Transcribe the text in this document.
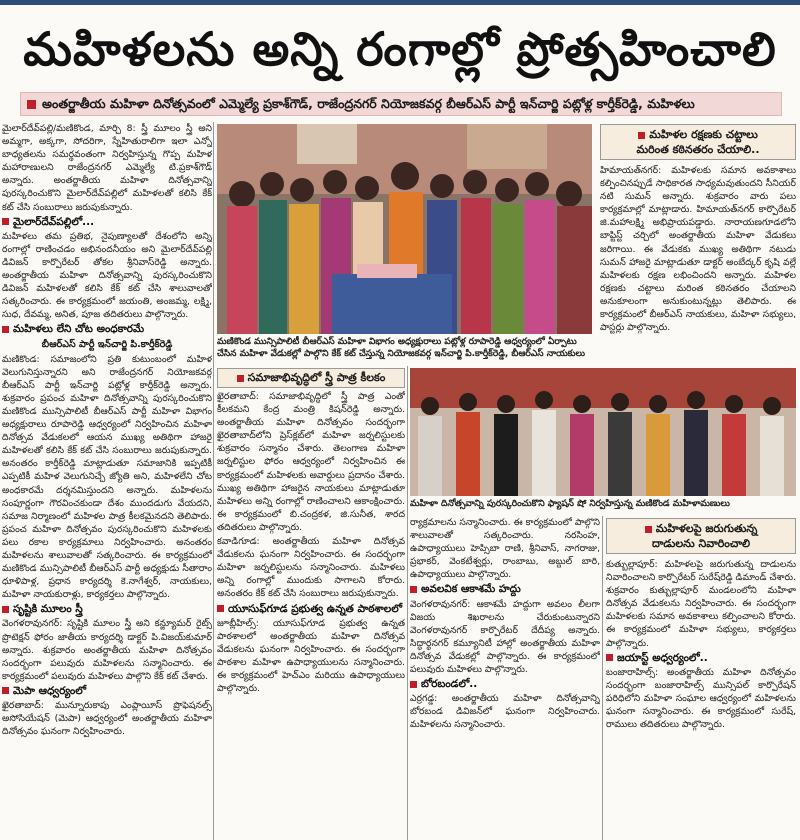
మహిళలను అన్ని రంగాల్లో ప్రోత్సహించాలి
అంతర్జాతీయ మహిళా దినోత్సవంలో ఎమ్మెల్యే ప్రకాశ్‌గౌడ్, రాజేంద్రనగర్ నియోజకవర్గ బీఆర్ఎస్ పార్టీ ఇన్‌చార్జి పట్లోళ్ల కార్తీక్‌రెడ్డి, మహిళలు

మైలార్‌దేవ్‌పల్లి/మణికొండ, మార్చి 8: స్త్రీ మూలం స్త్రీ అని అమ్మగా, అక్కగా, సోదరిగా, స్నేహితురాలిగా ఇలా ఎన్నో బాధ్యతలను సమర్థవంతంగా నిర్వహిస్తున్న గొప్ప మహిళ మహారాణులని రాజేంద్రనగర్ ఎమ్మెల్యే టి.ప్రకాశ్‌గౌడ్ అన్నారు. అంతర్జాతీయ మహిళా దినోత్సవాన్ని పురస్కరించుకొని మైలార్‌దేవ్‌పల్లిలో మహిళలతో కలిసి కేక్ కట్ చేసి సంబురాలు జరుపుకున్నారు.

మైలార్‌దేవ్‌పల్లిలో...

మహిళలు తమ ప్రతిభ, నైపుణ్యాలతో దేశంలోని అన్ని రంగాల్లో రాణించడం అభినందనీయం అని మైలార్‌దేవ్‌పల్లి డివిజన్ కార్పొరేటర్ తోకల శ్రీనివాస్‌రెడ్డి అన్నారు. అంతర్జాతీయ మహిళా దినోత్సవాన్ని పురస్కరించుకొని డివిజన్ మహిళలతో కలిసి కేక్ కట్ చేసి శాలువాలతో సత్కరించారు. ఈ కార్యక్రమంలో జయంతి, అంజమ్మ, లక్ష్మి, సుధ, దేవమ్మ, అనిత, పూజ తదితరులు పాల్గొన్నారు.

మహిళలు లేని చోట అంధకారమే
బీఆర్ఎస్ పార్టీ ఇన్‌చార్జి పి.కార్తీక్‌రెడ్డి

మణికొండ: సమాజంలోని ప్రతి కుటుంబంలో మహిళ వెలుగునిస్తున్నారని అని రాజేంద్రనగర్ నియోజకవర్గ బీఆర్ఎస్ పార్టీ ఇన్‌చార్జి పట్లోళ్ల కార్తీక్‌రెడ్డి అన్నారు. శుక్రవారం ప్రపంచ మహిళా దినోత్సవాన్ని పురస్కరించుకొని మణికొండ మున్సిపాలిటీ బీఆర్ఎస్ పార్టీ మహిళా విభాగం అధ్యక్షురాలు రూపారెడ్డి ఆధ్వర్యంలో నిర్వహించిన మహిళా దినోత్సవ వేడుకలలో ఆయన ముఖ్య అతిథిగా హాజరై మహిళలతో కలిసి కేక్ కట్ చేసి సంబురాలు జరుపుకున్నారు. అనంతరం కార్తీక్‌రెడ్డి మాట్లాడుతూ సమాజానికి ఇప్పటికీ ఎప్పటికీ మహిళ వెలుగునిచ్చే జ్యోతి అని, మహిళలేని చోట అంధకారమే దర్శనమిస్తుందని అన్నారు. మహిళలను సంపూర్ణంగా గౌరవించకుండా దేశం ముందడుగు వేయదని, సమాజ నిర్మాణంలో మహిళల పాత్ర కీలకమైనదని తెలిపారు. ప్రపంచ మహిళా దినోత్సవం పురస్కరించుకొని మహిళలకు పలు రకాల కార్యక్రమాలు నిర్వహించారు. అనంతరం మహిళలను శాలువాలతో సత్కరించారు. ఈ కార్యక్రమంలో మణికొండ మున్సిపాలిటీ బీఆర్ఎస్ పార్టీ అధ్యక్షుడు సీతారాం ధూళిపాళ్ల, ప్రధాన కార్యదర్శి కె.నాగేశ్వర్, నాయకులు, మహిళా నాయకురాళ్లు, కార్యకర్తలు పాల్గొన్నారు.

సృష్టికి మూలం స్త్రీ

వెంగళరావునగర్: సృష్టికి మూలం స్త్రీ అని కన్జ్యూమర్ రైట్స్ ప్రొటెక్షన్ ఫోరం జాతీయ కార్యదర్శి డాక్టర్ పి.విజయ్‌కుమార్ అన్నారు. శుక్రవారం అంతర్జాతీయ మహిళా దినోత్సవం సందర్భంగా పలువురు మహిళలను సన్మానించారు. ఈ కార్యక్రమంలో పలువురు మహిళలు పాల్గొని కేక్ కట్ చేశారు.

మెపా ఆధ్వర్యంలో

ఖైరతాబాద్: మున్నూరుకాపు ఎంప్లాయీస్ ప్రొఫెషనల్స్ అసోసియేషన్ (మెపా) ఆధ్వర్యంలో అంతర్జాతీయ మహిళా దినోత్సవం ఘనంగా నిర్వహించారు.

మణికొండ మున్సిపాలిటీ బీఆర్ఎస్ మహిళా విభాగం అధ్యక్షురాలు పట్లోళ్ల రూపారెడ్డి ఆధ్వర్యంలో ఏర్పాటు చేసిన మహిళా వేడుకల్లో పాల్గొని కేక్ కట్ చేస్తున్న నియోజకవర్గ ఇన్‌చార్జి పి.కార్తీక్‌రెడ్డి, బీఆర్ఎస్ నాయకులు
మహిళల రక్షణకు చట్టాలు
మరింత కఠినతరం చేయాలి..

హిమాయత్‌నగర్: మహిళలకు సమాన అవకాశాలు కల్పించినప్పుడే సాధికారత సాధ్యమవుతుందని సీనియర్ నటి సుమన్ అన్నారు. శుక్రవారం వారు పలు కార్యక్రమాల్లో మాట్లాడారు. హిమాయత్‌నగర్ కార్పొరేటర్ జి.మహాలక్ష్మి అభిప్రాయపడ్డారు. నారాయణగూడలోని బాప్టిస్ట్ చర్చిలో అంతర్జాతీయ మహిళా వేడుకలు జరిగాయి. ఈ వేడుకకు ముఖ్య అతిథిగా నటుడు సుమన్ హాజరై మాట్లాడుతూ డాక్టర్ అంబేద్కర్ కృషి వల్లే మహిళలకు రక్షణ లభించిందని అన్నారు. మహిళల రక్షణకు చట్టాలు మరింత కఠినతరం చేయాలని అనుకూలంగా అనుకుంటున్నట్లు తెలిపారు. ఈ కార్యక్రమంలో బీఆర్ఎస్ నాయకులు, మహిళా సభ్యులు, పాస్టర్లు పాల్గొన్నారు.

సమాజాభివృద్ధిలో స్త్రీ పాత్ర కీలకం

ఖైరతాబాద్: సమాజాభివృద్ధిలో స్త్రీ పాత్ర ఎంతో కీలకమని కేంద్ర మంత్రి కిషన్‌రెడ్డి అన్నారు. అంతర్జాతీయ మహిళా దినోత్సవం సందర్భంగా ఖైరతాబాద్‌లోని ప్రెస్‌క్లబ్‌లో మహిళా జర్నలిస్టులకు శుక్రవారం సన్మానం చేశారు. తెలంగాణ మహిళా జర్నలిస్టుల ఫోరం ఆధ్వర్యంలో నిర్వహించిన ఈ కార్యక్రమంలో మహిళలకు అవార్డులు ప్రదానం చేశారు. ముఖ్య అతిథిగా హాజరైన నాయకులు మాట్లాడుతూ మహిళలు అన్ని రంగాల్లో రాణించాలని ఆకాంక్షించారు. ఈ కార్యక్రమంలో బి.చంద్రకళ, జి.సునీత, శారద తదితరులు పాల్గొన్నారు.

కవాడిగూడ: అంతర్జాతీయ మహిళా దినోత్సవ వేడుకలను ఘనంగా నిర్వహించారు. ఈ సందర్భంగా మహిళా జర్నలిస్టులను సన్మానించారు. మహిళలు అన్ని రంగాల్లో ముందుకు సాగాలని కోరారు. అనంతరం కేక్ కట్ చేసి సంబురాలు జరుపుకున్నారు.

యూసుఫ్‌గూడ ప్రభుత్వ ఉన్నత పాఠశాలలో

జూబ్లీహిల్స్: యూసుఫ్‌గూడ ప్రభుత్వ ఉన్నత పాఠశాలలో అంతర్జాతీయ మహిళా దినోత్సవ వేడుకలను ఘనంగా నిర్వహించారు. ఈ సందర్భంగా పాఠశాల మహిళా ఉపాధ్యాయులను సన్మానించారు. ఈ కార్యక్రమంలో హెచ్‌ఎం మరియు ఉపాధ్యాయులు పాల్గొన్నారు.

మహిళా దినోత్సవాన్ని పురస్కరించుకొని ఫ్యాషన్ షో నిర్వహిస్తున్న మణికొండ మహిళామణులు

ర్యాక్రమాలను సన్మానించారు. ఈ కార్యక్రమంలో పాల్గొని శాలువాలతో సత్కరించారు. నరసింహ, ఉపాధ్యాయులు హెప్సిబా రాణి, శ్రీనివాస్, నాగరాజు, ప్రభాకర్, వెంకటేశ్వర్లు, రాంబాబు, అబ్దుల్ బారి, ఉపాధ్యాయులు పాల్గొన్నారు.

అవలవిక ఆకాశమే హద్దు

వెంగళరావునగర్: ఆకాశమే హద్దుగా అవలం లీలగా విజయ శిఖరాలను చేరుకుంటున్నారని వెంగళరావునగర్ కార్పొరేటర్ దేదీప్య అన్నారు. సిద్ధార్థనగర్ కమ్యూనిటీ హాల్లో అంతర్జాతీయ మహిళా దినోత్సవ వేడుకల్లో పాల్గొన్నారు. ఈ కార్యక్రమంలో పలువురు మహిళలు పాల్గొన్నారు.

బోరబండలో..

ఎర్రగడ్డ: అంతర్జాతీయ మహిళా దినోత్సవాన్ని బోరబండ డివిజన్‌లో ఘనంగా నిర్వహించారు. మహిళలను సన్మానించారు.

మహిళలపై జరుగుతున్న
దాడులను నివారించాలి

కుత్బుల్లాపూర్: మహిళలపై జరుగుతున్న దాడులను నివారించాలని కార్పొరేటర్ సురేష్‌రెడ్డి డిమాండ్ చేశారు. శుక్రవారం కుత్బుల్లాపూర్ మండలంలోని మహిళా దినోత్సవ వేడుకలను నిర్వహించారు. ఈ సందర్భంగా మహిళలకు సమాన అవకాశాలు కల్పించాలని కోరారు. ఈ కార్యక్రమంలో మహిళా సభ్యులు, కార్యకర్తలు పాల్గొన్నారు.

జయాస్ట్ అధ్వర్యంలో..

బంజారాహిల్స్: అంతర్జాతీయ మహిళా దినోత్సవం సందర్భంగా బంజారాహిల్స్ మున్సిపల్ కార్పొరేషన్ పరిధిలోని మహిళా సంఘాల ఆధ్వర్యంలో మహిళలను ఘనంగా సన్మానించారు. ఈ కార్యక్రమంలో సురేష్, రాములు తదితరులు పాల్గొన్నారు.
